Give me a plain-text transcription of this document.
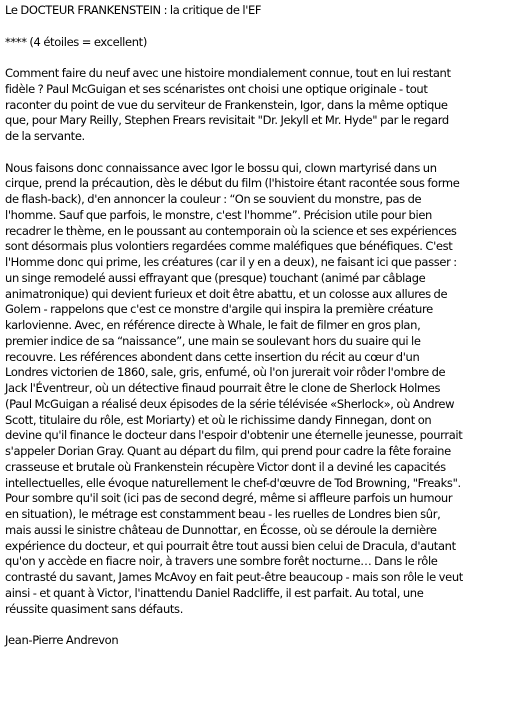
Le DOCTEUR FRANKENSTEIN : la critique de l'EF

**** (4 étoiles = excellent)

Comment faire du neuf avec une histoire mondialement connue, tout en lui restant fidèle ? Paul McGuigan et ses scénaristes ont choisi une optique originale - tout raconter du point de vue du serviteur de Frankenstein, Igor, dans la même optique que, pour Mary Reilly, Stephen Frears revisitait "Dr. Jekyll et Mr. Hyde" par le regard de la servante.

Nous faisons donc connaissance avec Igor le bossu qui, clown martyrisé dans un cirque, prend la précaution, dès le début du film (l'histoire étant racontée sous forme de flash-back), d'en annoncer la couleur : “On se souvient du monstre, pas de l'homme. Sauf que parfois, le monstre, c'est l'homme”. Précision utile pour bien recadrer le thème, en le poussant au contemporain où la science et ses expériences sont désormais plus volontiers regardées comme maléfiques que bénéfiques. C'est l'Homme donc qui prime, les créatures (car il y en a deux), ne faisant ici que passer : un singe remodelé aussi effrayant que (presque) touchant (animé par câblage animatronique) qui devient furieux et doit être abattu, et un colosse aux allures de Golem - rappelons que c'est ce monstre d'argile qui inspira la première créature karlovienne. Avec, en référence directe à Whale, le fait de filmer en gros plan, premier indice de sa “naissance”, une main se soulevant hors du suaire qui le recouvre. Les références abondent dans cette insertion du récit au cœur d'un Londres victorien de 1860, sale, gris, enfumé, où l'on jurerait voir rôder l'ombre de Jack l'Éventreur, où un détective finaud pourrait être le clone de Sherlock Holmes (Paul McGuigan a réalisé deux épisodes de la série télévisée «Sherlock», où Andrew Scott, titulaire du rôle, est Moriarty) et où le richissime dandy Finnegan, dont on devine qu'il finance le docteur dans l'espoir d'obtenir une éternelle jeunesse, pourrait s'appeler Dorian Gray. Quant au départ du film, qui prend pour cadre la fête foraine crasseuse et brutale où Frankenstein récupère Victor dont il a deviné les capacités intellectuelles, elle évoque naturellement le chef-d'œuvre de Tod Browning, "Freaks". Pour sombre qu'il soit (ici pas de second degré, même si affleure parfois un humour en situation), le métrage est constamment beau - les ruelles de Londres bien sûr, mais aussi le sinistre château de Dunnottar, en Écosse, où se déroule la dernière expérience du docteur, et qui pourrait être tout aussi bien celui de Dracula, d'autant qu'on y accède en fiacre noir, à travers une sombre forêt nocturne… Dans le rôle contrasté du savant, James McAvoy en fait peut-être beaucoup - mais son rôle le veut ainsi - et quant à Victor, l'inattendu Daniel Radcliffe, il est parfait. Au total, une réussite quasiment sans défauts.

Jean-Pierre Andrevon
